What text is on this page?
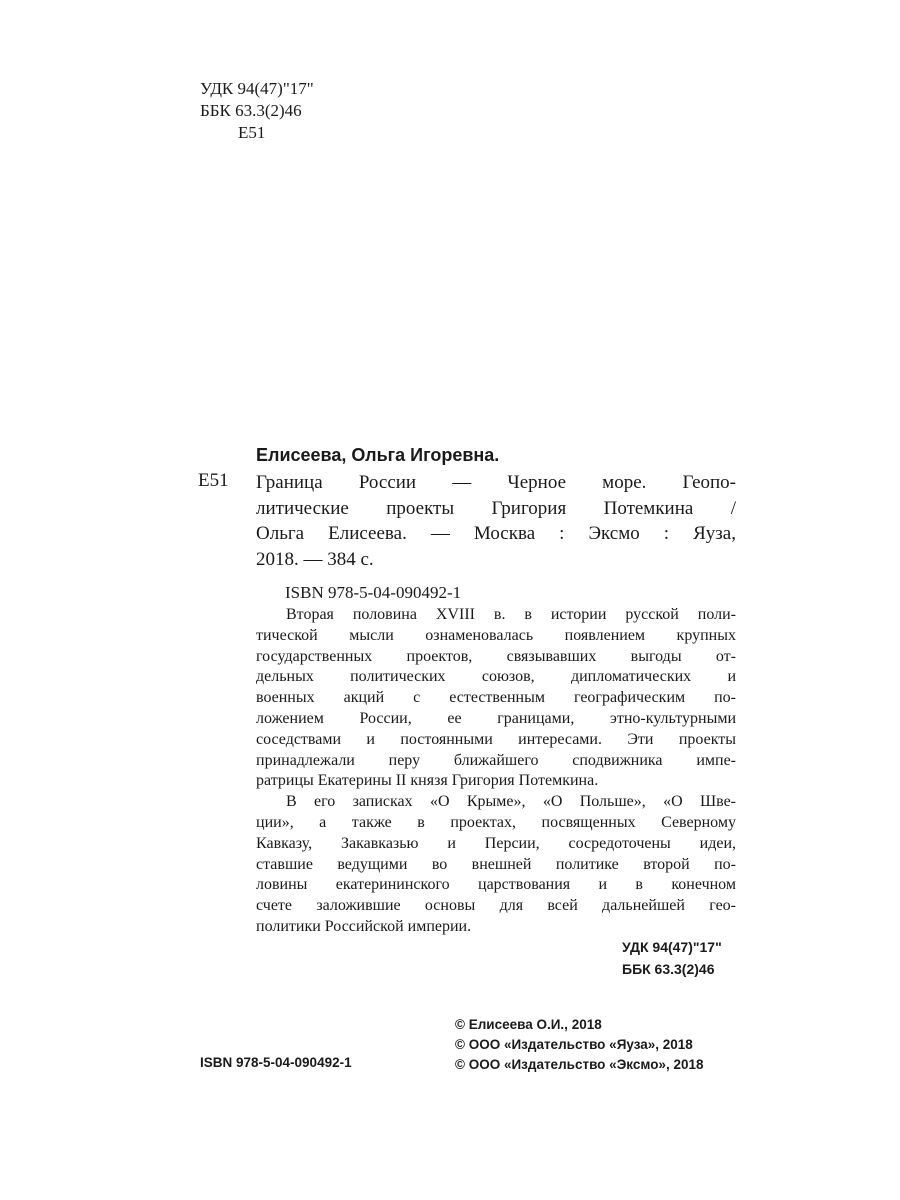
УДК 94(47)"17"
ББК 63.3(2)46
Е51
Елисеева, Ольга Игоревна.
Е51 Граница России — Черное море. Геопо-
литические проекты Григория Потемкина /
Ольга Елисеева. — Москва : Эксмо : Яуза,
2018. — 384 с.
ISBN 978-5-04-090492-1
Вторая половина XVIII в. в истории русской поли-
тической мысли ознаменовалась появлением крупных
государственных проектов, связывавших выгоды от-
дельных политических союзов, дипломатических и
военных акций с естественным географическим по-
ложением России, ее границами, этно-культурными
соседствами и постоянными интересами. Эти проекты
принадлежали перу ближайшего сподвижника импе-
ратрицы Екатерины II князя Григория Потемкина.
В его записках «О Крыме», «О Польше», «О Шве-
ции», а также в проектах, посвященных Северному
Кавказу, Закавказью и Персии, сосредоточены идеи,
ставшие ведущими во внешней политике второй по-
ловины екатерининского царствования и в конечном
счете заложившие основы для всей дальнейшей гео-
политики Российской империи.
УДК 94(47)"17"
ББК 63.3(2)46
© Елисеева О.И., 2018
© ООО «Издательство «Яуза», 2018
© ООО «Издательство «Эксмо», 2018
ISBN 978-5-04-090492-1
